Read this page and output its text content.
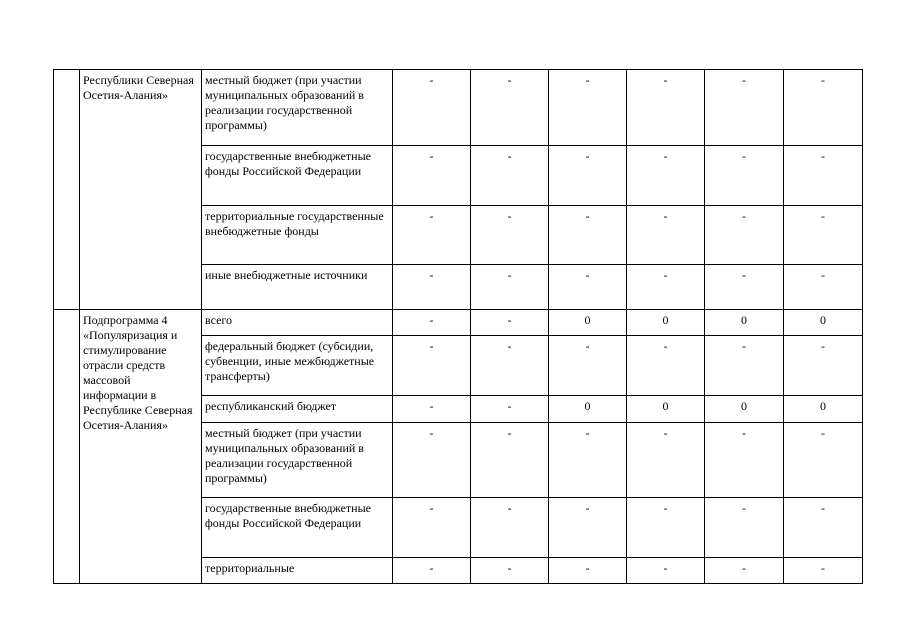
	Республики Северная Осетия-Алания»	местный бюджет (при участии муниципальных образований в реализации государственной программы)	-	-	-	-	-	-
		государственные внебюджетные фонды Российской Федерации	-	-	-	-	-	-
		территориальные государственные внебюджетные фонды	-	-	-	-	-	-
		иные внебюджетные источники	-	-	-	-	-	-
	Подпрограмма 4 «Популяризация и стимулирование отрасли средств массовой информации в Республике Северная Осетия-Алания»	всего	-	-	0	0	0	0
		федеральный бюджет (субсидии, субвенции, иные межбюджетные трансферты)	-	-	-	-	-	-
		республиканский бюджет	-	-	0	0	0	0
		местный бюджет (при участии муниципальных образований в реализации государственной программы)	-	-	-	-	-	-
		государственные внебюджетные фонды Российской Федерации	-	-	-	-	-	-
		территориальные	-	-	-	-	-	-
